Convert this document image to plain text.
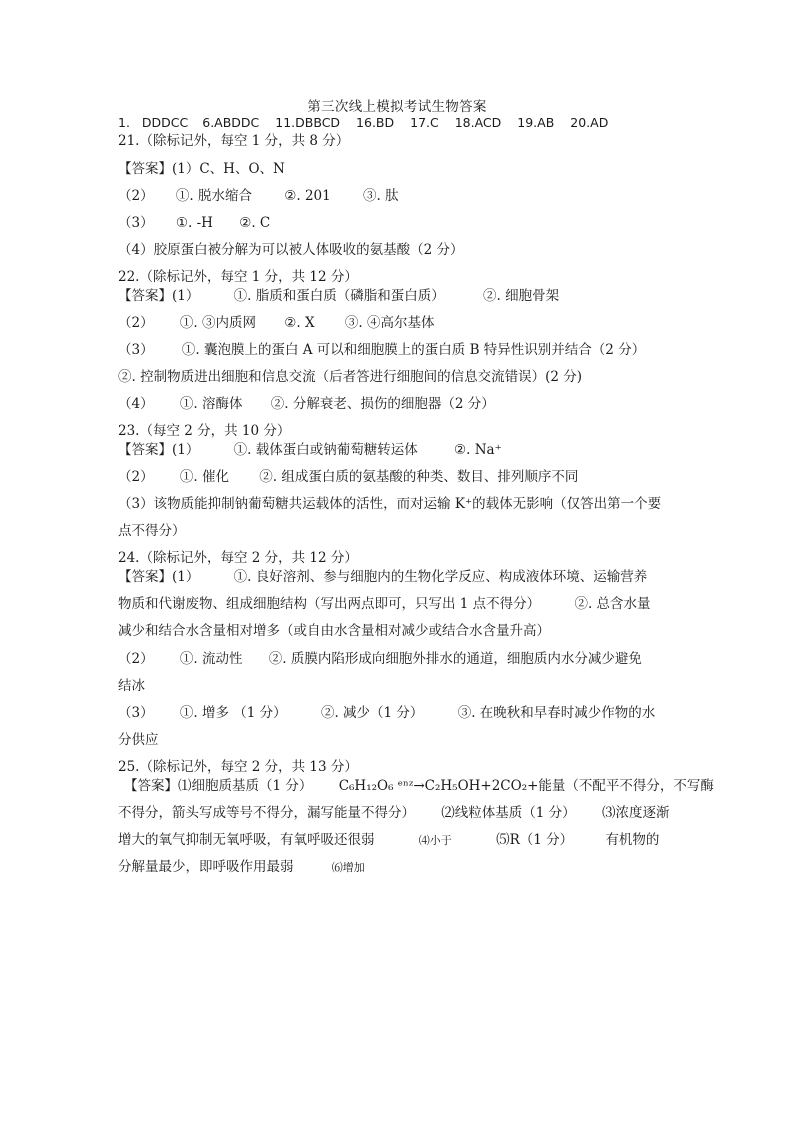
第三次线上模拟考试生物答案
1. DDDCC 6.ABDDC 11.DBBCD 16.BD 17.C 18.ACD 19.AB 20.AD
21.（除标记外，每空 1 分，共 8 分）
【答案】(1）C、H、O、N
（2） ①. 脱水缩合 ②. 201 ③. 肽
（3） ①. -H ②. C
（4）胶原蛋白被分解为可以被人体吸收的氨基酸（2 分）
22.（除标记外，每空 1 分，共 12 分）
【答案】(1）	①. 脂质和蛋白质（磷脂和蛋白质）	②. 细胞骨架
（2） ①. ③内质网 ②. X ③. ④高尔基体
（3） ①. 囊泡膜上的蛋白 A 可以和细胞膜上的蛋白质 B 特异性识别并结合（2 分）
②. 控制物质进出细胞和信息交流（后者答进行细胞间的信息交流错误）(2 分)
（4） ①. 溶酶体 ②. 分解衰老、损伤的细胞器（2 分）
23.（每空 2 分，共 10 分）
【答案】(1）	①. 载体蛋白或钠葡萄糖转运体	②. Na⁺
（2） ①. 催化 ②. 组成蛋白质的氨基酸的种类、数目、排列顺序不同
（3）该物质能抑制钠葡萄糖共运载体的活性，而对运输 K⁺的载体无影响（仅答出第一个要
点不得分）
24.（除标记外，每空 2 分，共 12 分）
【答案】(1）	①. 良好溶剂、参与细胞内的生物化学反应、构成液体环境、运输营养
物质和代谢废物、组成细胞结构（写出两点即可，只写出 1 点不得分）	②. 总含水量
减少和结合水含量相对增多（或自由水含量相对减少或结合水含量升高）
（2） ①. 流动性 ②. 质膜内陷形成向细胞外排水的通道，细胞质内水分减少避免
结冰
（3） ①. 增多 （1 分）	②. 减少（1 分）	③. 在晚秋和早春时减少作物的水
分供应
25.（除标记外，每空 2 分，共 13 分）
【答案】⑴细胞质基质（1 分） C₆H₁₂O₆ ᵉⁿᶻ→C₂H₅OH+2CO₂+能量（不配平不得分，不写酶
不得分，箭头写成等号不得分，漏写能量不得分） ⑵线粒体基质（1 分） ⑶浓度逐渐
增大的氧气抑制无氧呼吸，有氧呼吸还很弱	⑷小于	⑸R（1 分） 有机物的
分解量最少，即呼吸作用最弱	⑹增加
